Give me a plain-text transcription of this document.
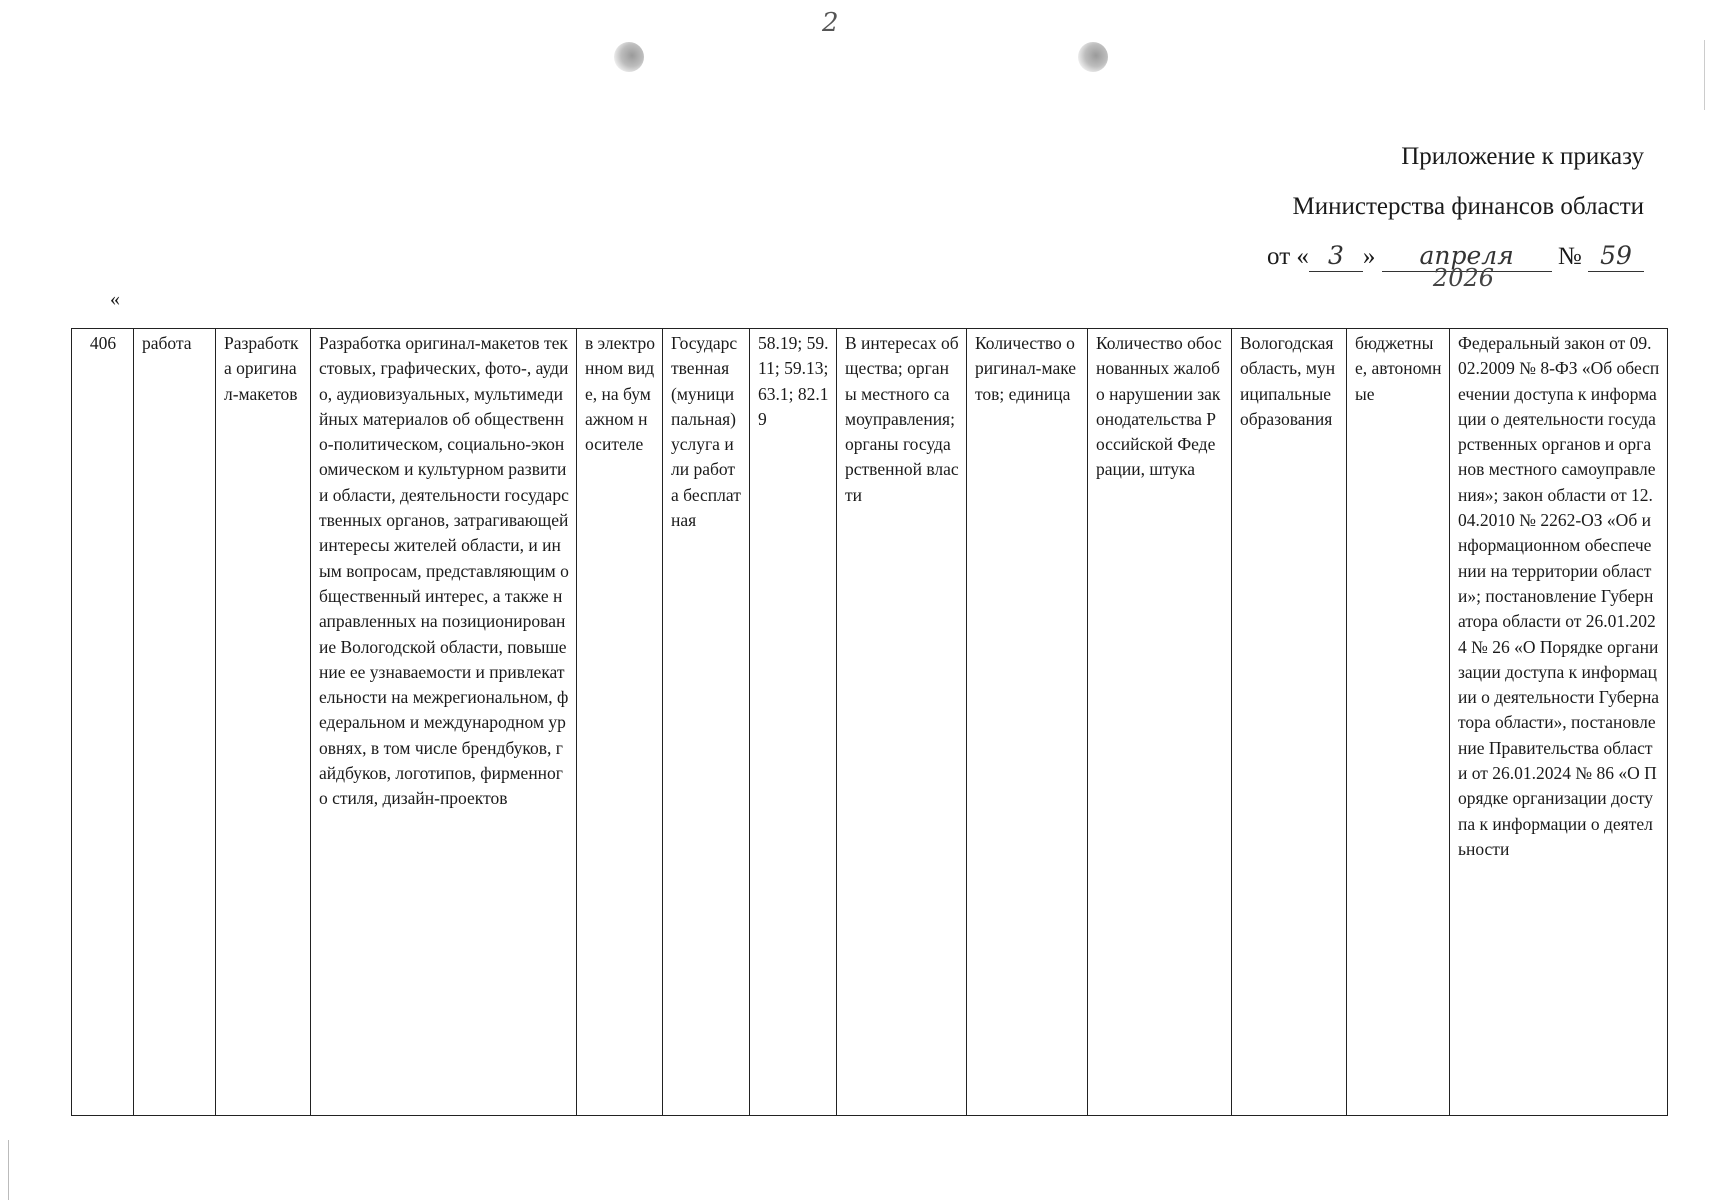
2
Приложение к приказу
Министерства финансов области
от « 3 » апреля № 59
2026
«
406	работа	Разработка оригинал-макетов	Разработка оригинал-макетов текстовых, графических, фото-, аудио, аудиовизуальных, мультимедийных материалов об общественно-политическом, социально-экономическом и культурном развитии области, деятельности государственных органов, затрагивающей интересы жителей области, и иным вопросам, представляющим общественный интерес, а также направленных на позиционирование Вологодской области, повышение ее узнаваемости и привлекательности на межрегиональном, федеральном и международном уровнях, в том числе брендбуков, гайдбуков, логотипов, фирменного стиля, дизайн-проектов	в электронном виде, на бумажном носителе	Государственная (муниципальная) услуга или работа бесплатная	58.19; 59.11; 59.13; 63.1; 82.19	В интересах общества; органы местного самоуправления; органы государственной власти	Количество оригинал-макетов; единица	Количество обоснованных жалоб о нарушении законодательства Российской Федерации, штука	Вологодская область, муниципальные образования	бюджетные, автономные	Федеральный закон от 09.02.2009 № 8-ФЗ «Об обеспечении доступа к информации о деятельности государственных органов и органов местного самоуправления»; закон области от 12.04.2010 № 2262-ОЗ «Об информационном обеспечении на территории области»; постановление Губернатора области от 26.01.2024 № 26 «О Порядке организации доступа к информации о деятельности Губернатора области», постановление Правительства области от 26.01.2024 № 86 «О Порядке организации доступа к информации о деятельности
